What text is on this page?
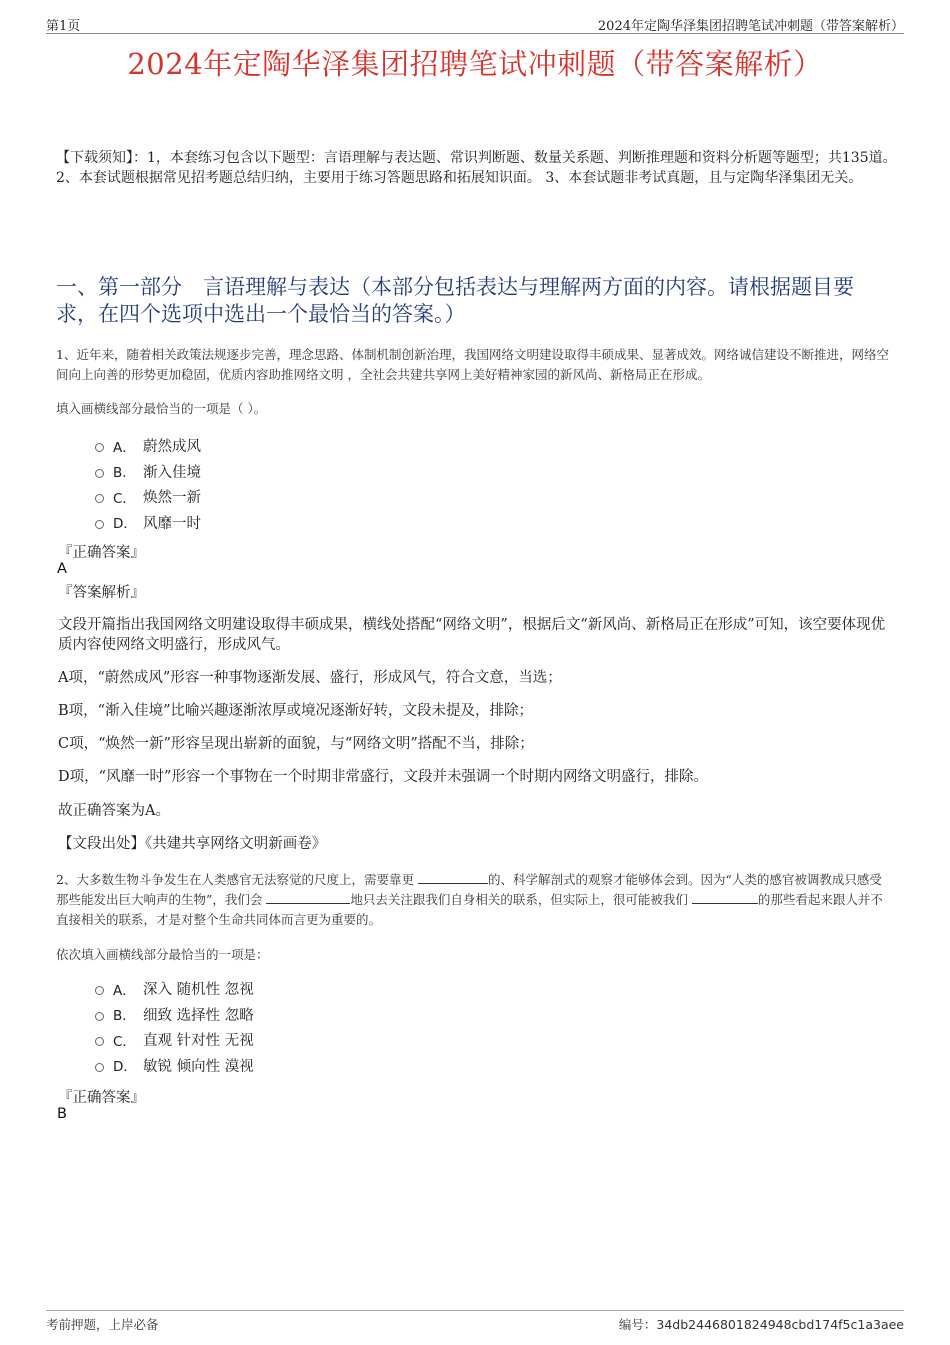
第1页	2024年定陶华泽集团招聘笔试冲刺题（带答案解析）
2024年定陶华泽集团招聘笔试冲刺题（带答案解析）
【下载须知】：1，本套练习包含以下题型：言语理解与表达题、常识判断题、数量关系题、判断推理题和资料分析题等题型；共135道。 2、本套试题根据常见招考题总结归纳，主要用于练习答题思路和拓展知识面。 3、本套试题非考试真题，且与定陶华泽集团无关。
一、第一部分　言语理解与表达（本部分包括表达与理解两方面的内容。请根据题目要求，在四个选项中选出一个最恰当的答案。）
1、近年来，随着相关政策法规逐步完善，理念思路、体制机制创新治理，我国网络文明建设取得丰硕成果、显著成效。网络诚信建设不断推进，网络空间向上向善的形势更加稳固，优质内容助推网络文明 ，全社会共建共享网上美好精神家园的新风尚、新格局正在形成。
填入画横线部分最恰当的一项是（ ）。
A． 蔚然成风
B． 渐入佳境
C． 焕然一新
D． 风靡一时
『正确答案』
A
『答案解析』
文段开篇指出我国网络文明建设取得丰硕成果，横线处搭配“网络文明”，根据后文“新风尚、新格局正在形成”可知，该空要体现优质内容使网络文明盛行，形成风气。
A项，“蔚然成风”形容一种事物逐渐发展、盛行，形成风气，符合文意，当选；
B项，“渐入佳境”比喻兴趣逐渐浓厚或境况逐渐好转，文段未提及，排除；
C项，“焕然一新”形容呈现出崭新的面貌，与“网络文明”搭配不当，排除；
D项，“风靡一时”形容一个事物在一个时期非常盛行，文段并未强调一个时期内网络文明盛行，排除。
故正确答案为A。
【文段出处】《共建共享网络文明新画卷》
2、大多数生物斗争发生在人类感官无法察觉的尺度上，需要靠更	的、科学解剖式的观察才能够体会到。因为“人类的感官被调教成只感受那些能发出巨大响声的生物”，我们会	地只去关注跟我们自身相关的联系，但实际上，很可能被我们	的那些看起来跟人并不直接相关的联系，才是对整个生命共同体而言更为重要的。
依次填入画横线部分最恰当的一项是：
A． 深入 随机性 忽视
B． 细致 选择性 忽略
C． 直观 针对性 无视
D． 敏锐 倾向性 漠视
『正确答案』
B
考前押题，上岸必备	编号：34db2446801824948cbd174f5c1a3aee
